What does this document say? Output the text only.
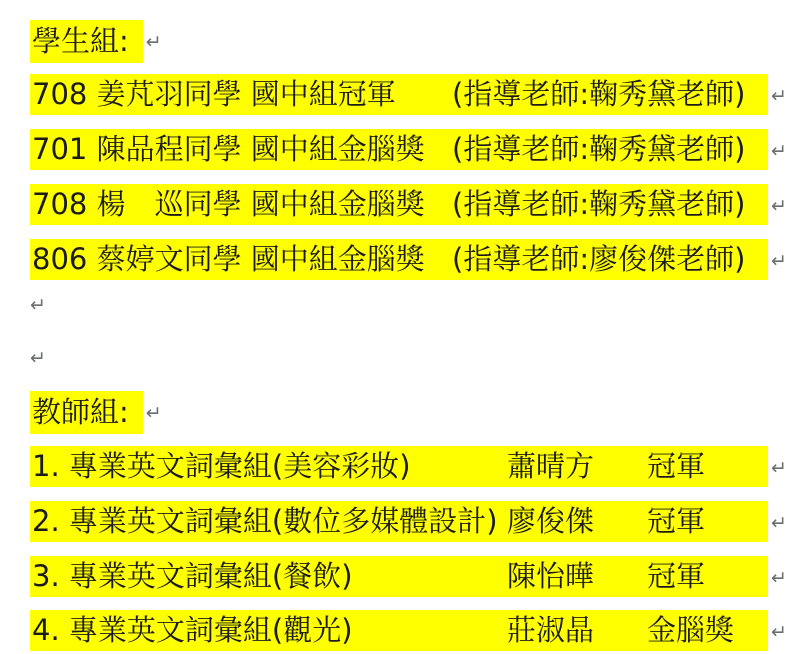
學生組: ↵
708 姜芃羽同學 國中組冠軍	(指導老師:鞠秀黛老師)	↵
701 陳品程同學 國中組金腦獎 (指導老師:鞠秀黛老師)	↵
708 楊　巡同學 國中組金腦獎 (指導老師:鞠秀黛老師)	↵
806 蔡婷文同學 國中組金腦獎 (指導老師:廖俊傑老師)	↵
↵
↵
教師組: ↵
1. 專業英文詞彙組(美容彩妝)	蕭晴方	冠軍	↵
2. 專業英文詞彙組(數位多媒體設計) 廖俊傑	冠軍	↵
3. 專業英文詞彙組(餐飲)	陳怡曄	冠軍	↵
4. 專業英文詞彙組(觀光)	莊淑晶	金腦獎	↵
